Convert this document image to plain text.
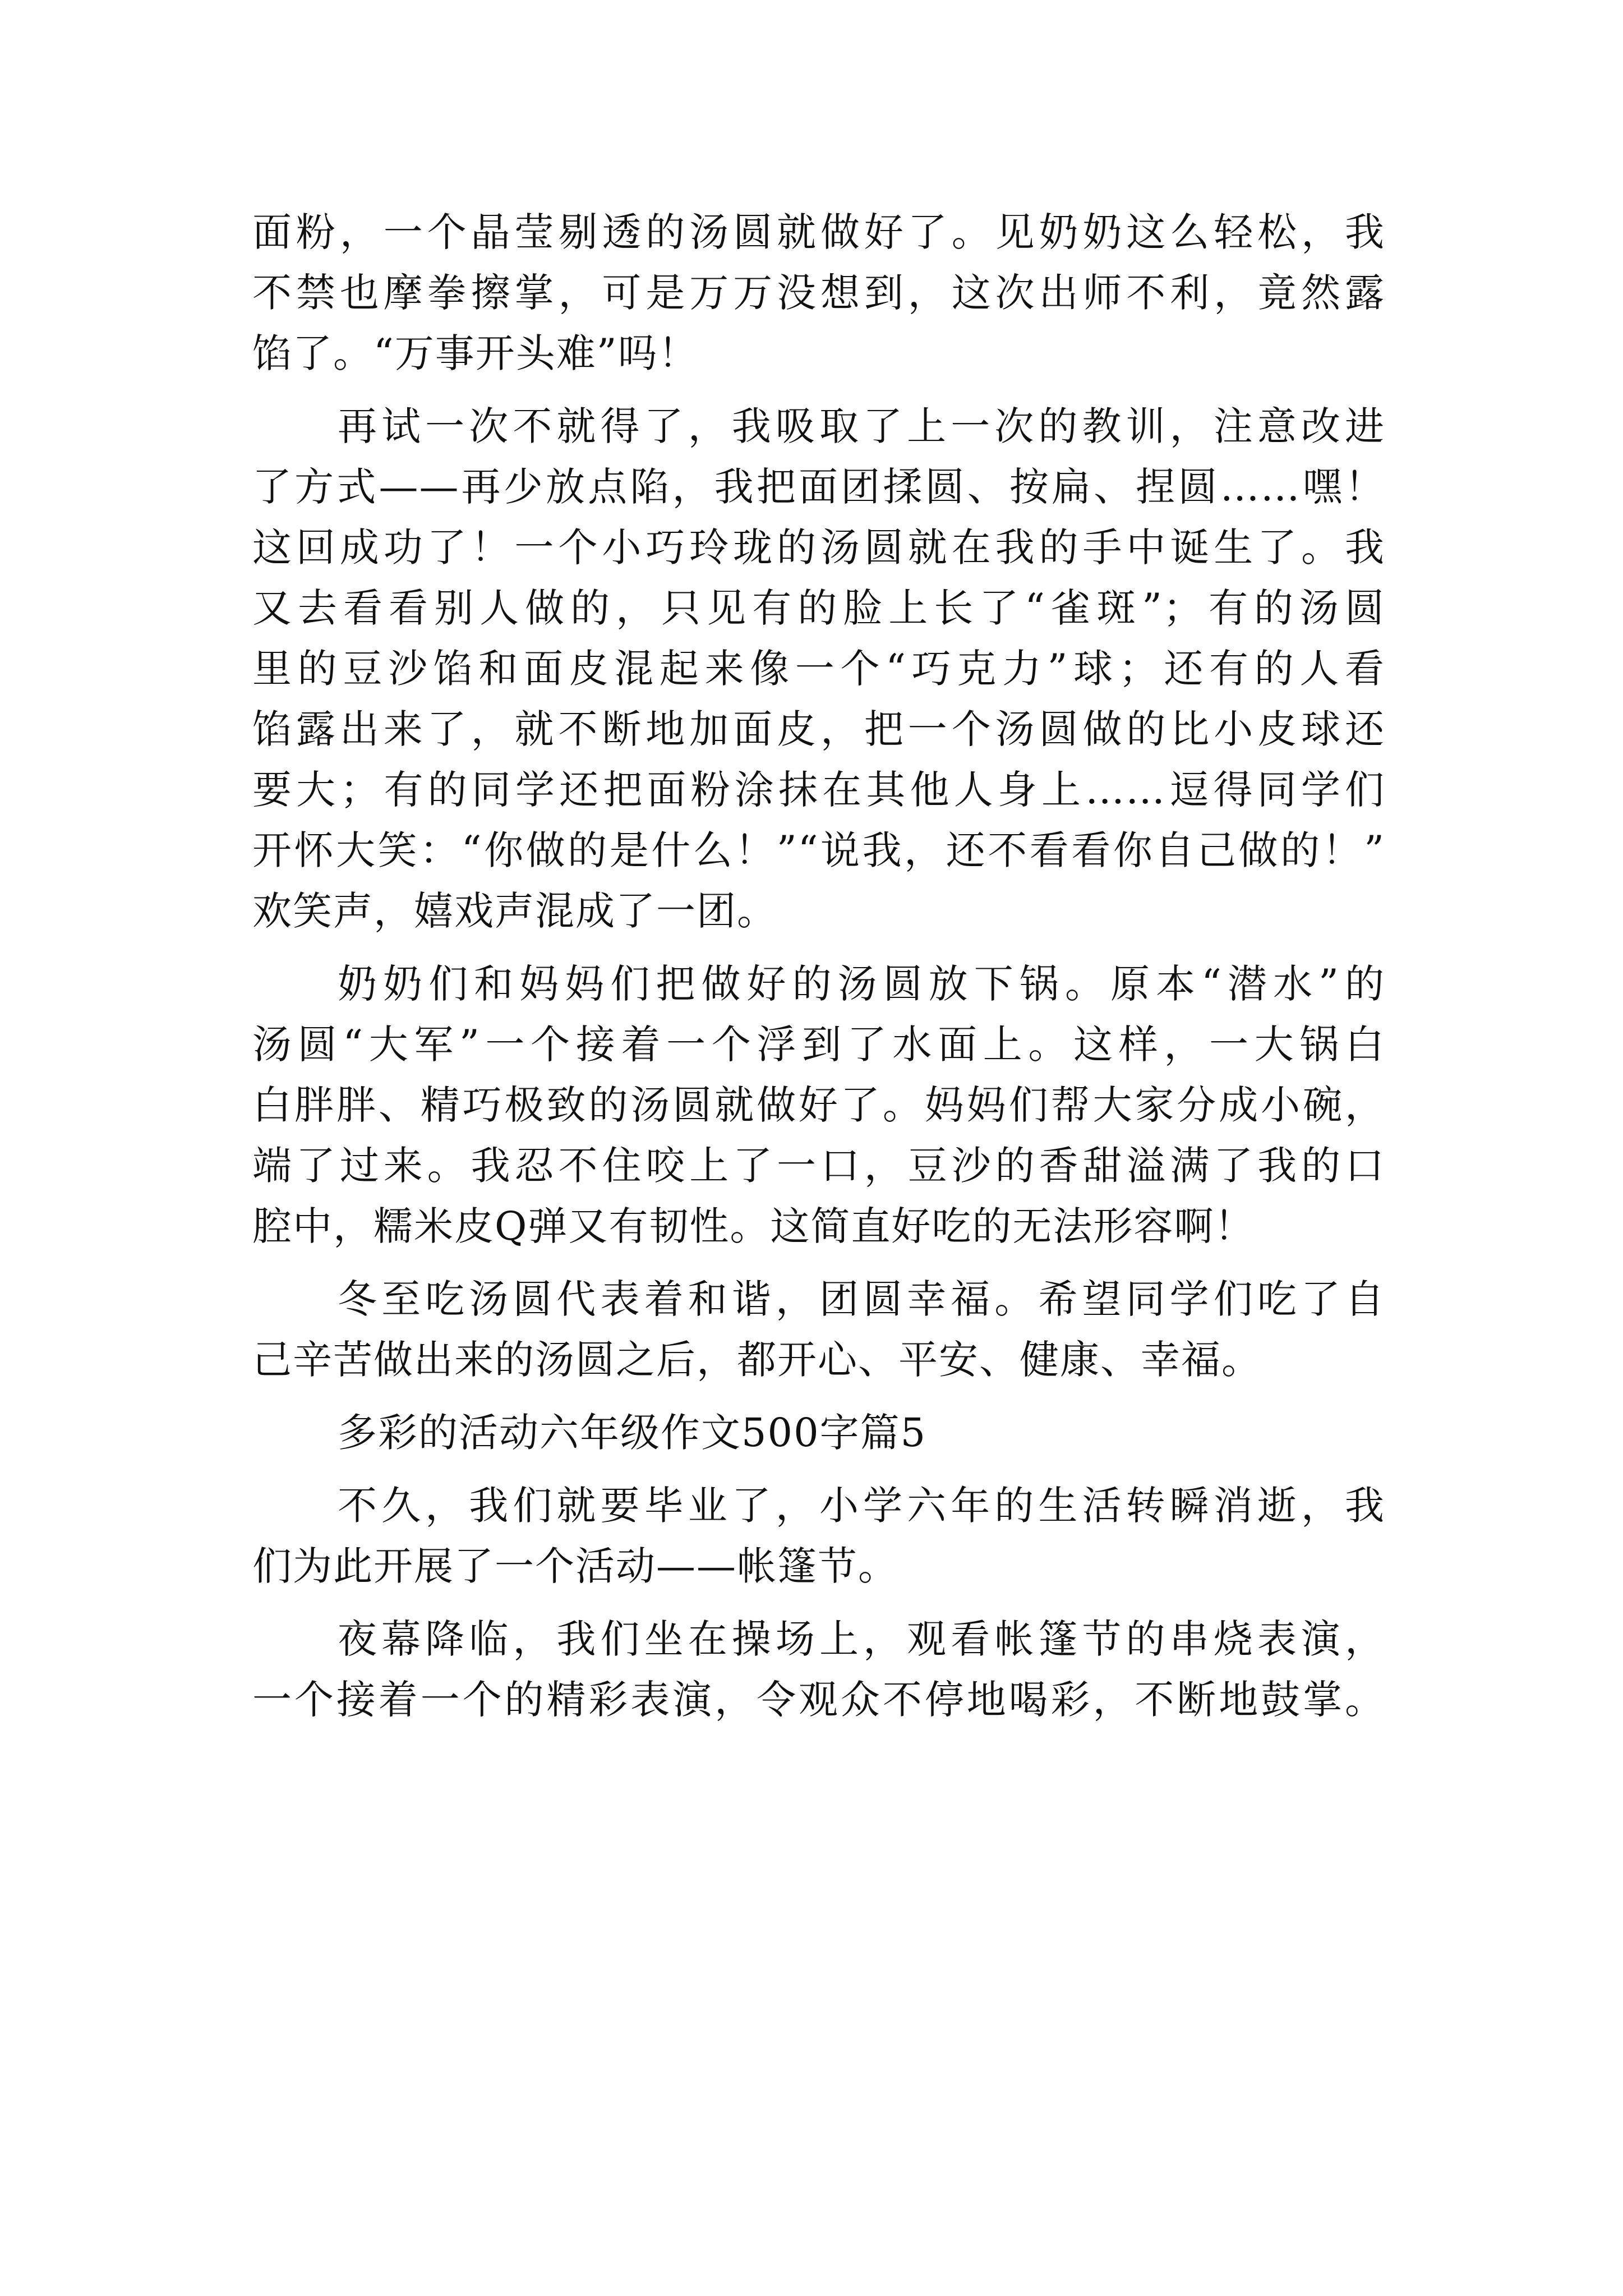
面粉，一个晶莹剔透的汤圆就做好了。见奶奶这么轻松，我
不禁也摩拳擦掌，可是万万没想到，这次出师不利，竟然露
馅了。“万事开头难”吗！
再试一次不就得了，我吸取了上一次的教训，注意改进
了方式——再少放点陷，我把面团揉圆、按扁、捏圆……嘿！
这回成功了！一个小巧玲珑的汤圆就在我的手中诞生了。我
又去看看别人做的，只见有的脸上长了“雀斑”；有的汤圆
里的豆沙馅和面皮混起来像一个“巧克力”球；还有的人看
馅露出来了，就不断地加面皮，把一个汤圆做的比小皮球还
要大；有的同学还把面粉涂抹在其他人身上……逗得同学们
开怀大笑：“你做的是什么！”“说我，还不看看你自己做的！”
欢笑声，嬉戏声混成了一团。
奶奶们和妈妈们把做好的汤圆放下锅。原本“潜水”的
汤圆“大军”一个接着一个浮到了水面上。这样，一大锅白
白胖胖、精巧极致的汤圆就做好了。妈妈们帮大家分成小碗，
端了过来。我忍不住咬上了一口，豆沙的香甜溢满了我的口
腔中，糯米皮Q弹又有韧性。这简直好吃的无法形容啊！
冬至吃汤圆代表着和谐，团圆幸福。希望同学们吃了自
己辛苦做出来的汤圆之后，都开心、平安、健康、幸福。
多彩的活动六年级作文500字篇5
不久，我们就要毕业了，小学六年的生活转瞬消逝，我
们为此开展了一个活动——帐篷节。
夜幕降临，我们坐在操场上，观看帐篷节的串烧表演，
一个接着一个的精彩表演，令观众不停地喝彩，不断地鼓掌。
